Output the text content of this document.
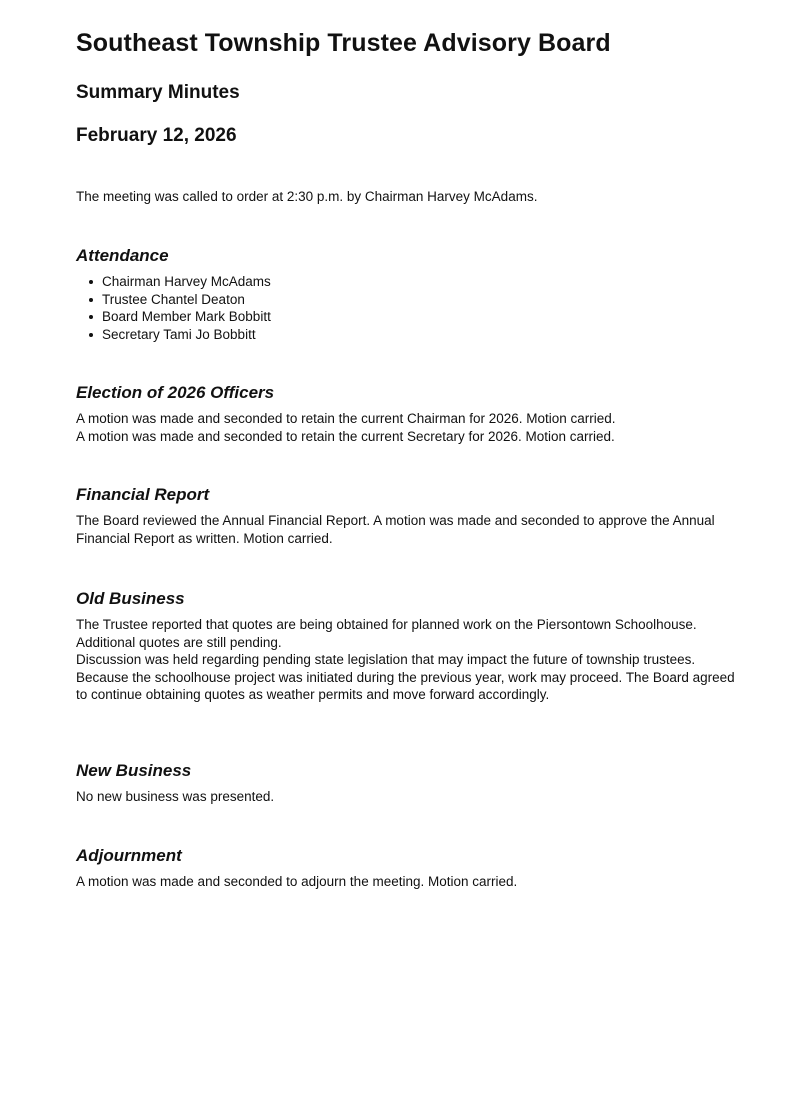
Southeast Township Trustee Advisory Board
Summary Minutes
February 12, 2026

The meeting was called to order at 2:30 p.m. by Chairman Harvey McAdams.

Attendance
Chairman Harvey McAdams
Trustee Chantel Deaton
Board Member Mark Bobbitt
Secretary Tami Jo Bobbitt
Election of 2026 Officers

A motion was made and seconded to retain the current Chairman for 2026. Motion carried.

A motion was made and seconded to retain the current Secretary for 2026. Motion carried.

Financial Report

The Board reviewed the Annual Financial Report. A motion was made and seconded to approve the Annual Financial Report as written. Motion carried.

Old Business

The Trustee reported that quotes are being obtained for planned work on the Piersontown Schoolhouse. Additional quotes are still pending.

Discussion was held regarding pending state legislation that may impact the future of township trustees. Because the schoolhouse project was initiated during the previous year, work may proceed. The Board agreed to continue obtaining quotes as weather permits and move forward accordingly.

New Business

No new business was presented.

Adjournment

A motion was made and seconded to adjourn the meeting. Motion carried.
